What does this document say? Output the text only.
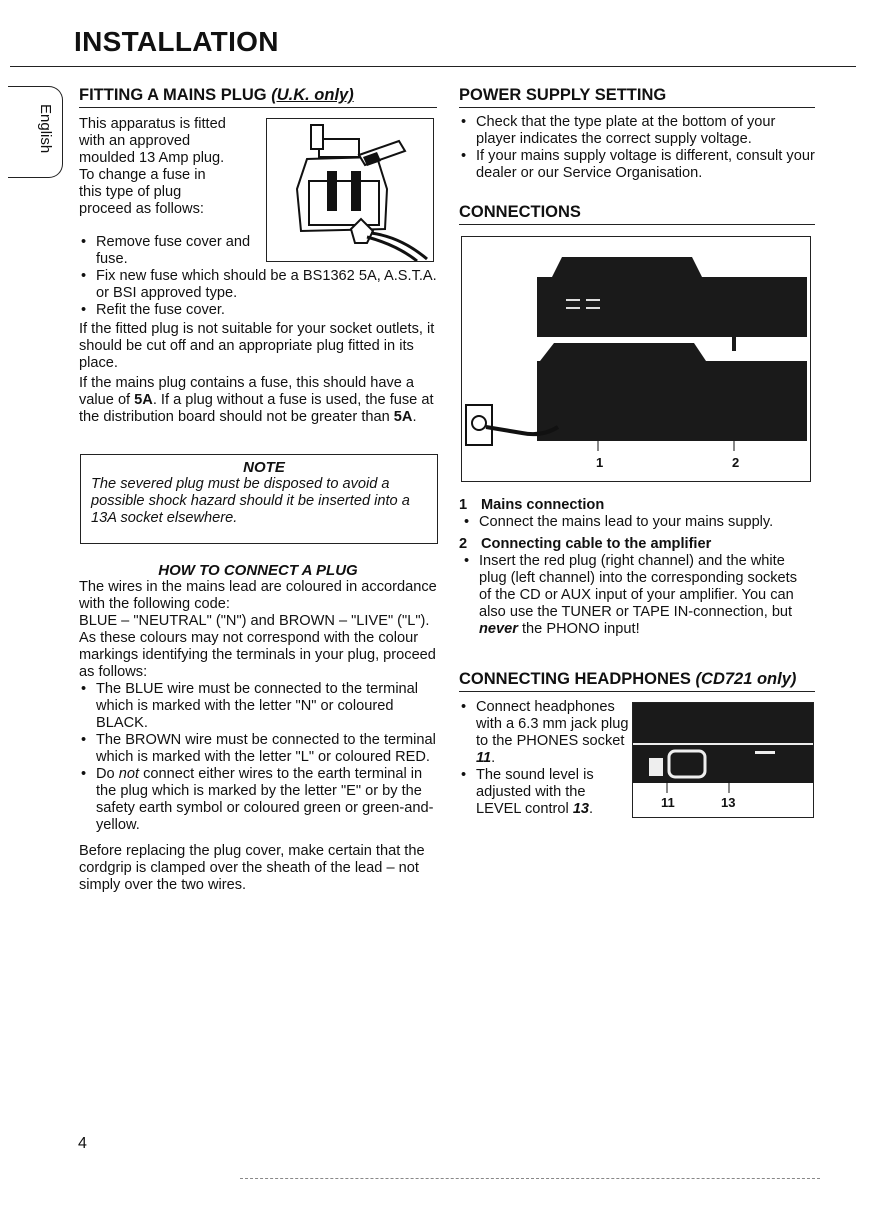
INSTALLATION
English
FITTING A MAINS PLUG (U.K. only)

This apparatus is fitted

with an approved

moulded 13 Amp plug.

To change a fuse in

this type of plug

proceed as follows:

• Remove fuse cover and fuse.
• Fix new fuse which should be a BS1362 5A, A.S.T.A. or BSI approved type.
• Refit the fuse cover.

If the fitted plug is not suitable for your socket outlets, it should be cut off and an appropriate plug fitted in its place.

If the mains plug contains a fuse, this should have a value of 5A. If a plug without a fuse is used, the fuse at the distribution board should not be greater than 5A.

NOTE

The severed plug must be disposed to avoid a possible shock hazard should it be inserted into a 13A socket elsewhere.

HOW TO CONNECT A PLUG

The wires in the mains lead are coloured in accordance with the following code:

BLUE – "NEUTRAL" ("N") and BROWN – "LIVE" ("L").

As these colours may not correspond with the colour markings identifying the terminals in your plug, proceed as follows:

• The BLUE wire must be connected to the terminal which is marked with the letter "N" or coloured BLACK.
• The BROWN wire must be connected to the terminal which is marked with the letter "L" or coloured RED.
• Do not connect either wires to the earth terminal in the plug which is marked by the letter "E" or by the safety earth symbol or coloured green or green-and-yellow.

Before replacing the plug cover, make certain that the cordgrip is clamped over the sheath of the lead – not simply over the two wires.

POWER SUPPLY SETTING
• Check that the type plate at the bottom of your player indicates the correct supply voltage.
• If your mains supply voltage is different, consult your dealer or our Service Organisation.
CONNECTIONS
1	2
1 Mains connection
• Connect the mains lead to your mains supply.
2 Connecting cable to the amplifier
• Insert the red plug (right channel) and the white plug (left channel) into the corresponding sockets of the CD or AUX input of your amplifier. You can also use the TUNER or TAPE IN-connection, but never the PHONO input!
CONNECTING HEADPHONES (CD721 only)
• Connect headphones with a 6.3 mm jack plug to the PHONES socket 11.
• The sound level is adjusted with the LEVEL control 13.	11	13
4
